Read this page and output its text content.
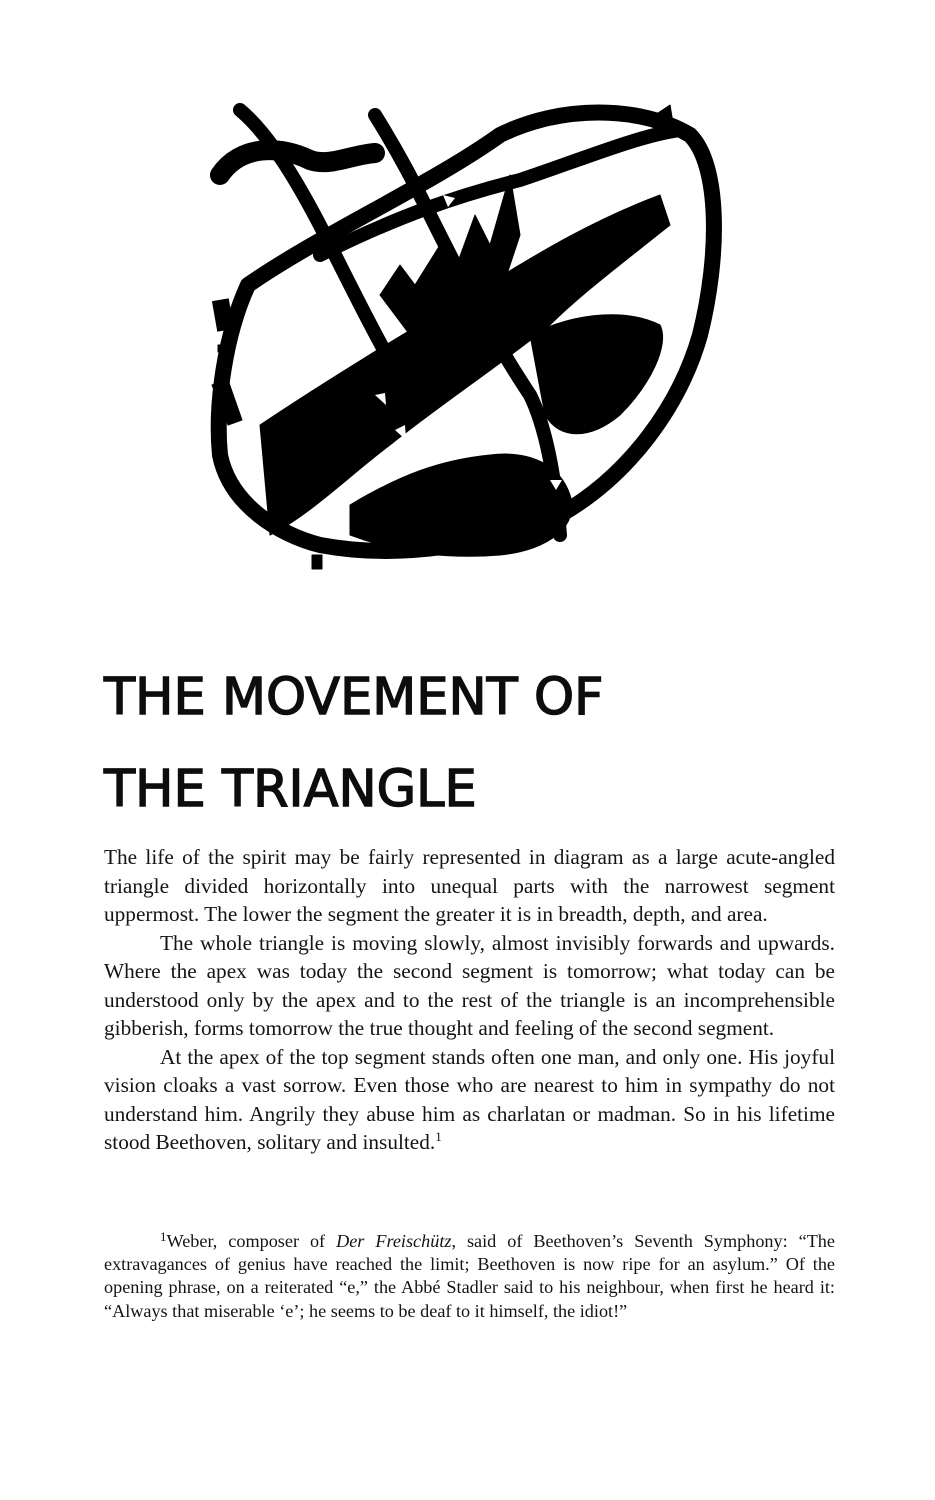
THE MOVEMENT OF
THE TRIANGLE

The life of the spirit may be fairly represented in diagram as a large acute-angled triangle divided horizontally into unequal parts with the narrowest segment uppermost. The lower the segment the greater it is in breadth, depth, and area.

The whole triangle is moving slowly, almost invisibly forwards and upwards. Where the apex was today the second segment is tomorrow; what today can be understood only by the apex and to the rest of the triangle is an incomprehensible gibberish, forms tomorrow the true thought and feeling of the second segment.

At the apex of the top segment stands often one man, and only one. His joyful vision cloaks a vast sorrow. Even those who are nearest to him in sympathy do not understand him. Angrily they abuse him as charlatan or madman. So in his lifetime stood Beethoven, solitary and insulted.$^1$

$^1$Weber, composer of Der Freischütz, said of Beethoven’s Seventh Symphony: “The extravagances of genius have reached the limit; Beethoven is now ripe for an asylum.” Of the opening phrase, on a reiterated “e,” the Abbé Stadler said to his neighbour, when first he heard it: “Always that miserable ‘e’; he seems to be deaf to it himself, the idiot!”
